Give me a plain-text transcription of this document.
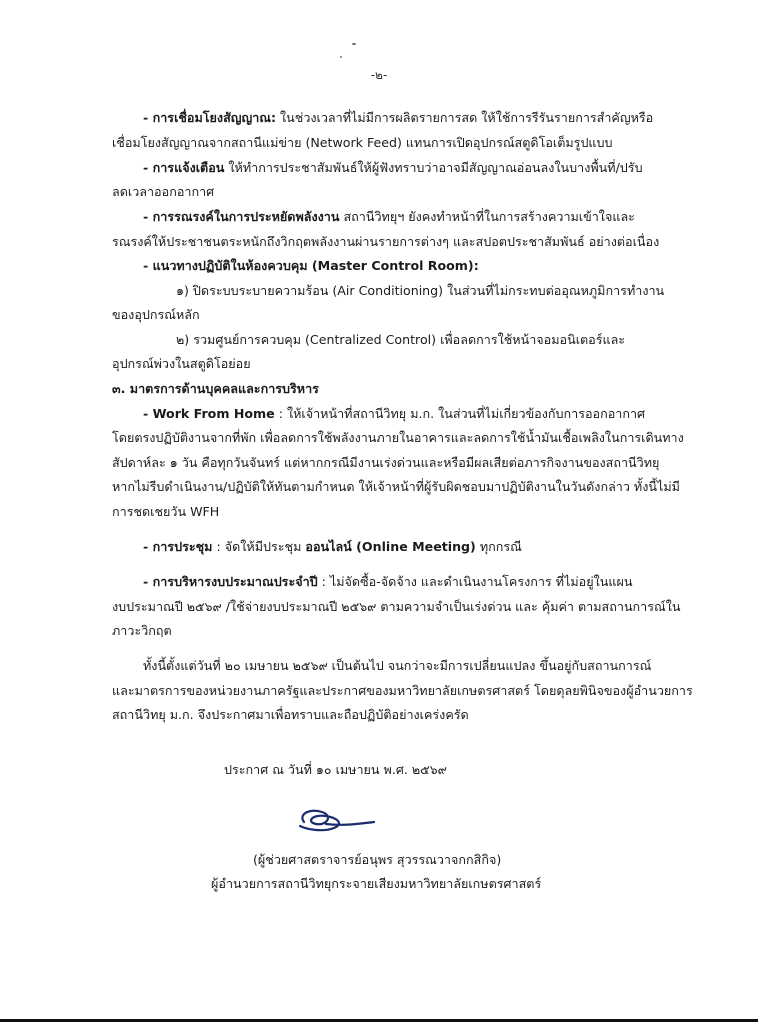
-๒-
- การเชื่อมโยงสัญญาณ: ในช่วงเวลาที่ไม่มีการผลิตรายการสด ให้ใช้การรีรันรายการสำคัญหรือ
เชื่อมโยงสัญญาณจากสถานีแม่ข่าย (Network Feed) แทนการเปิดอุปกรณ์สตูดิโอเต็มรูปแบบ
- การแจ้งเตือน ให้ทำการประชาสัมพันธ์ให้ผู้ฟังทราบว่าอาจมีสัญญาณอ่อนลงในบางพื้นที่/ปรับ
ลดเวลาออกอากาศ
- การรณรงค์ในการประหยัดพลังงาน สถานีวิทยุฯ ยังคงทำหน้าที่ในการสร้างความเข้าใจและ
รณรงค์ให้ประชาชนตระหนักถึงวิกฤตพลังงานผ่านรายการต่างๆ และสปอตประชาสัมพันธ์ อย่างต่อเนื่อง
- แนวทางปฏิบัติในห้องควบคุม (Master Control Room):
๑) ปิดระบบระบายความร้อน (Air Conditioning) ในส่วนที่ไม่กระทบต่ออุณหภูมิการทำงาน
ของอุปกรณ์หลัก
๒) รวมศูนย์การควบคุม (Centralized Control) เพื่อลดการใช้หน้าจอมอนิเตอร์และ
อุปกรณ์พ่วงในสตูดิโอย่อย
๓. มาตรการด้านบุคคลและการบริหาร
- Work From Home : ให้เจ้าหน้าที่สถานีวิทยุ ม.ก. ในส่วนที่ไม่เกี่ยวข้องกับการออกอากาศ
โดยตรงปฏิบัติงานจากที่พัก เพื่อลดการใช้พลังงานภายในอาคารและลดการใช้น้ำมันเชื้อเพลิงในการเดินทาง
สัปดาห์ละ ๑ วัน คือทุกวันจันทร์ แต่หากกรณีมีงานเร่งด่วนและหรือมีผลเสียต่อภารกิจงานของสถานีวิทยุ
หากไม่รีบดำเนินงาน/ปฏิบัติให้ทันตามกำหนด ให้เจ้าหน้าที่ผู้รับผิดชอบมาปฏิบัติงานในวันดังกล่าว ทั้งนี้ไม่มี
การชดเชยวัน WFH
- การประชุม : จัดให้มีประชุม ออนไลน์ (Online Meeting) ทุกกรณี
- การบริหารงบประมาณประจำปี : ไม่จัดซื้อ-จัดจ้าง และดำเนินงานโครงการ ที่ไม่อยู่ในแผน
งบประมาณปี ๒๕๖๙ /ใช้จ่ายงบประมาณปี ๒๕๖๙ ตามความจำเป็นเร่งด่วน และ คุ้มค่า ตามสถานการณ์ใน
ภาวะวิกฤต
ทั้งนี้ตั้งแต่วันที่ ๒๐ เมษายน ๒๕๖๙ เป็นต้นไป จนกว่าจะมีการเปลี่ยนแปลง ขึ้นอยู่กับสถานการณ์
และมาตรการของหน่วยงานภาครัฐและประกาศของมหาวิทยาลัยเกษตรศาสตร์ โดยดุลยพินิจของผู้อำนวยการ
สถานีวิทยุ ม.ก. จึงประกาศมาเพื่อทราบและถือปฏิบัติอย่างเคร่งครัด
ประกาศ ณ วันที่ ๑๐ เมษายน พ.ศ. ๒๕๖๙
(ผู้ช่วยศาสตราจารย์อนุพร สุวรรณวาจกกสิกิจ)
ผู้อำนวยการสถานีวิทยุกระจายเสียงมหาวิทยาลัยเกษตรศาสตร์
